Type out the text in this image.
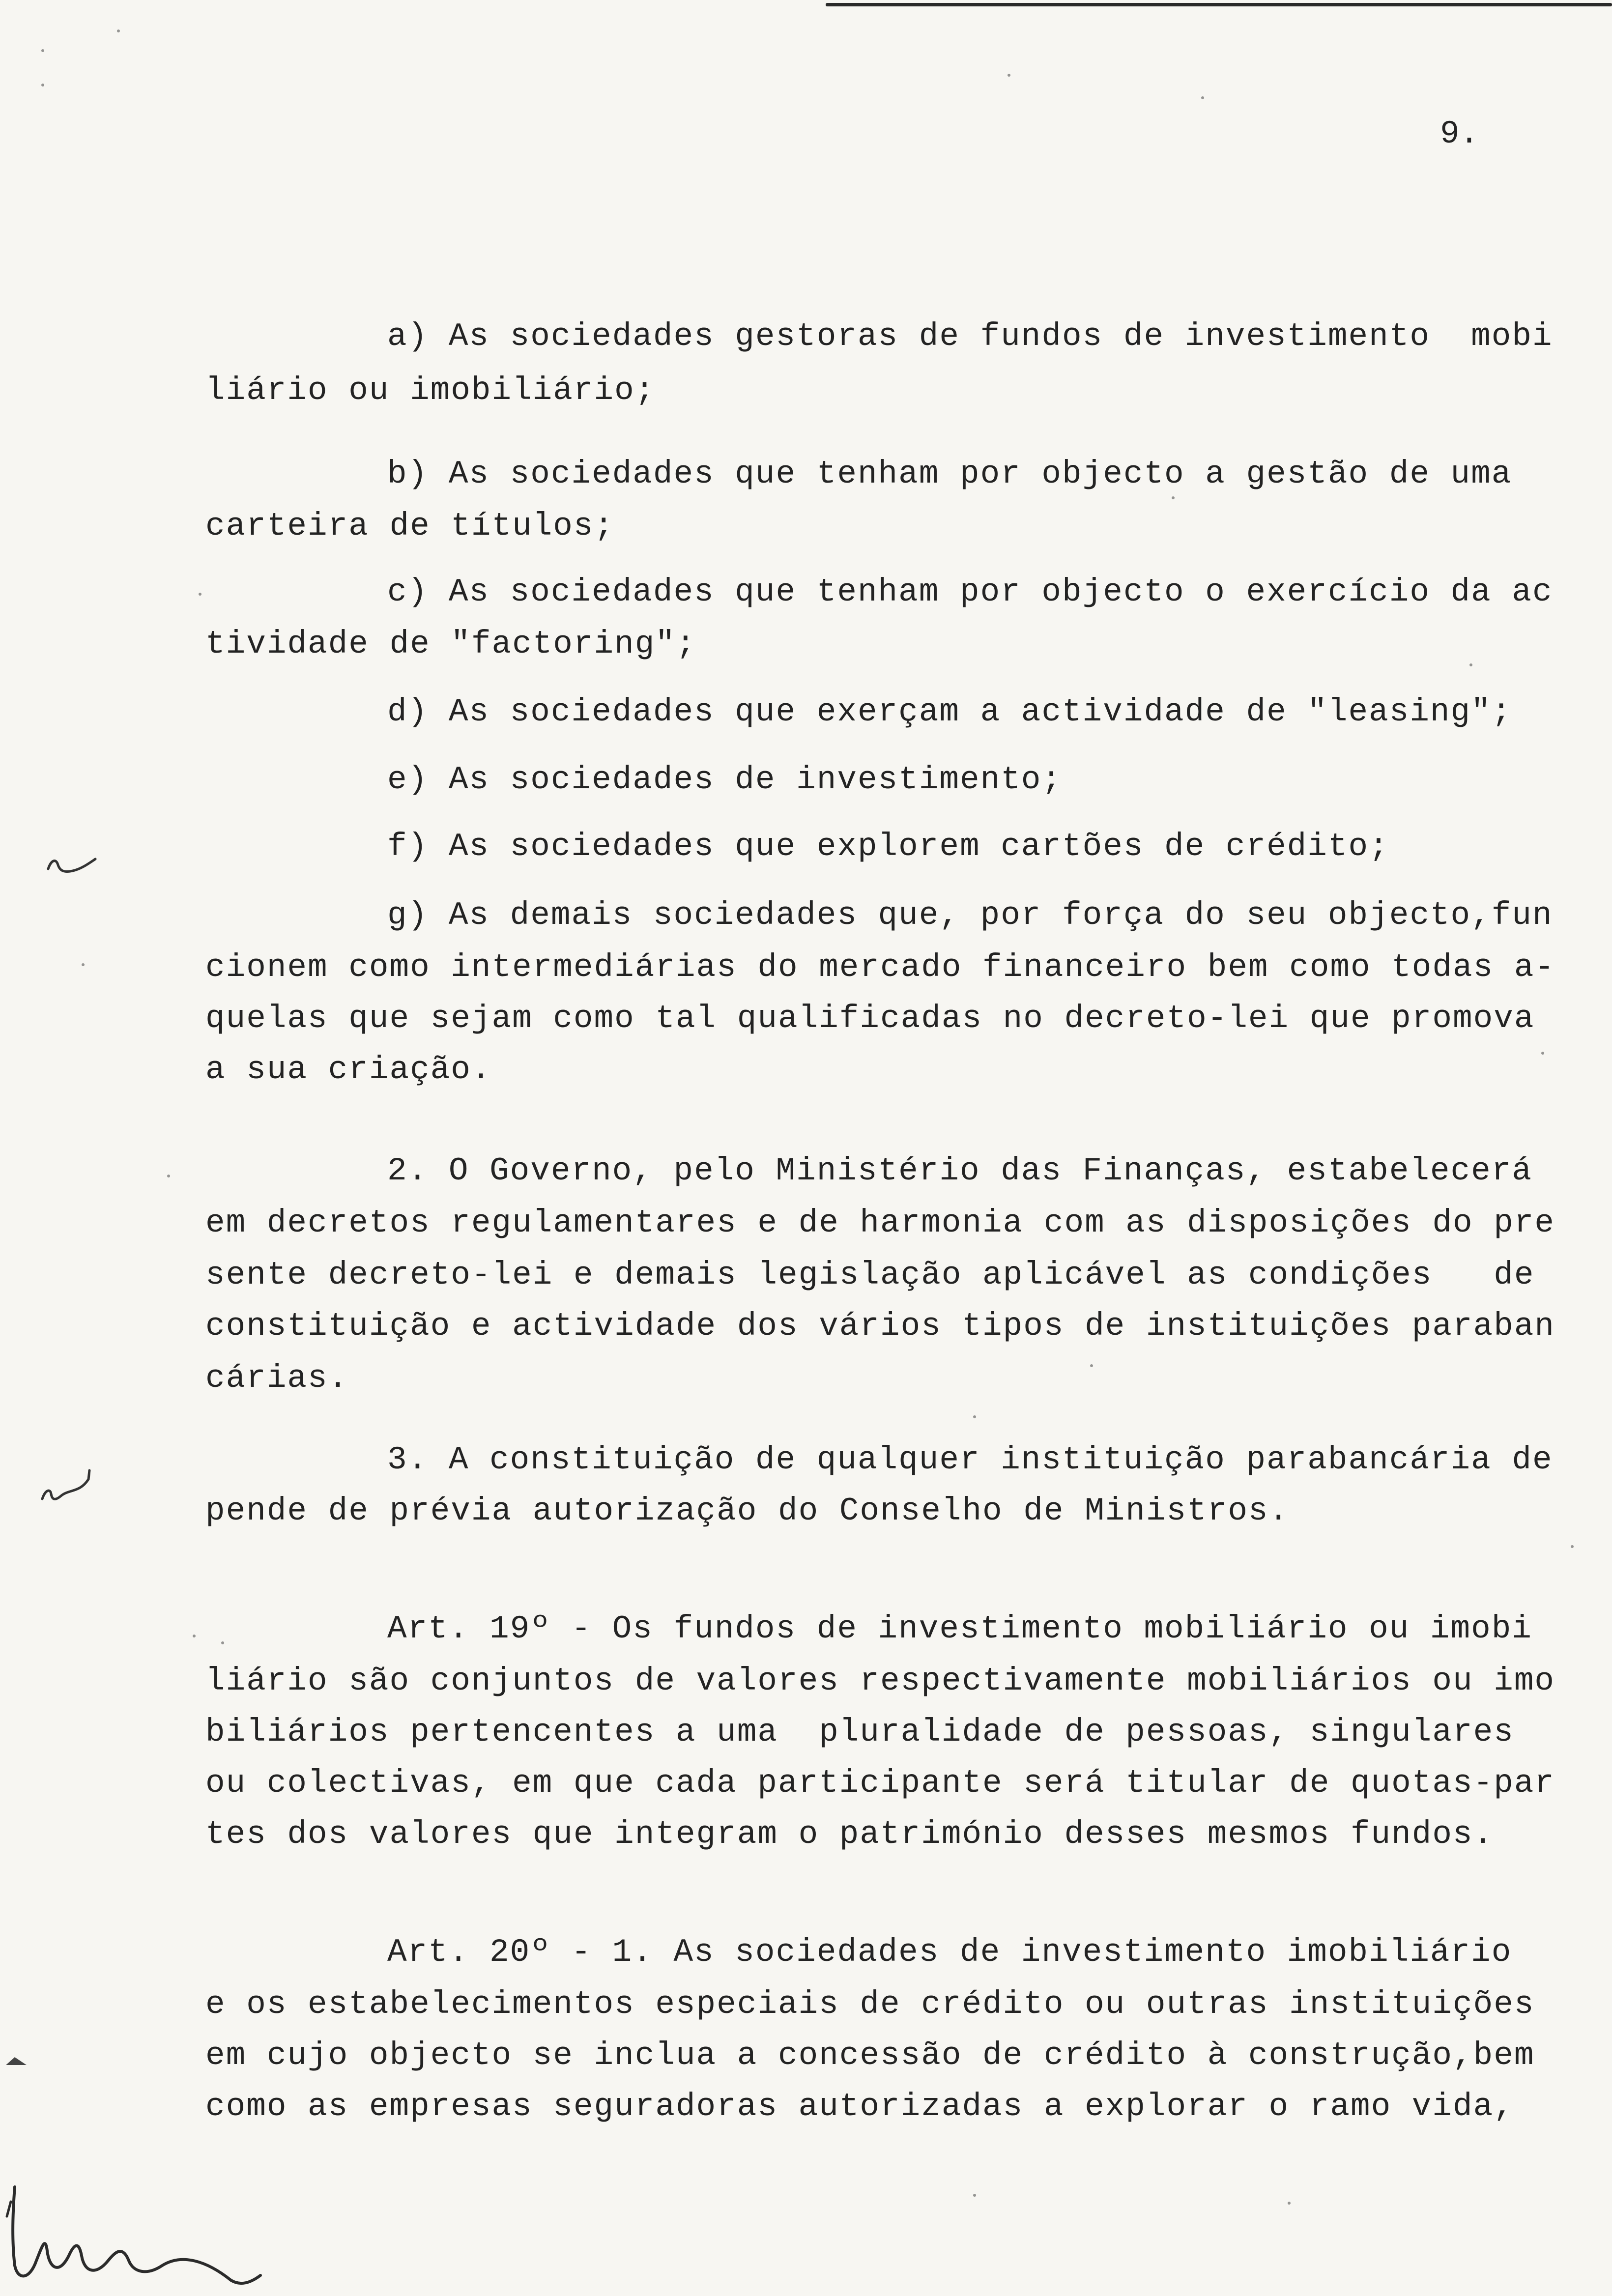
9.
a) As sociedades gestoras de fundos de investimento  mobi
liário ou imobiliário;
b) As sociedades que tenham por objecto a gestão de uma
carteira de títulos;
c) As sociedades que tenham por objecto o exercício da ac
tividade de "factoring";
d) As sociedades que exerçam a actividade de "leasing";
e) As sociedades de investimento;
f) As sociedades que explorem cartões de crédito;
g) As demais sociedades que, por força do seu objecto,fun
cionem como intermediárias do mercado financeiro bem como todas a-
quelas que sejam como tal qualificadas no decreto-lei que promova
a sua criação.
2. O Governo, pelo Ministério das Finanças, estabelecerá
em decretos regulamentares e de harmonia com as disposições do pre
sente decreto-lei e demais legislação aplicável as condições   de
constituição e actividade dos vários tipos de instituições paraban
cárias.
3. A constituição de qualquer instituição parabancária de
pende de prévia autorização do Conselho de Ministros.
Art. 19º - Os fundos de investimento mobiliário ou imobi
liário são conjuntos de valores respectivamente mobiliários ou imo
biliários pertencentes a uma  pluralidade de pessoas, singulares
ou colectivas, em que cada participante será titular de quotas-par
tes dos valores que integram o património desses mesmos fundos.
Art. 20º - 1. As sociedades de investimento imobiliário
e os estabelecimentos especiais de crédito ou outras instituições
em cujo objecto se inclua a concessão de crédito à construção,bem
como as empresas seguradoras autorizadas a explorar o ramo vida,
